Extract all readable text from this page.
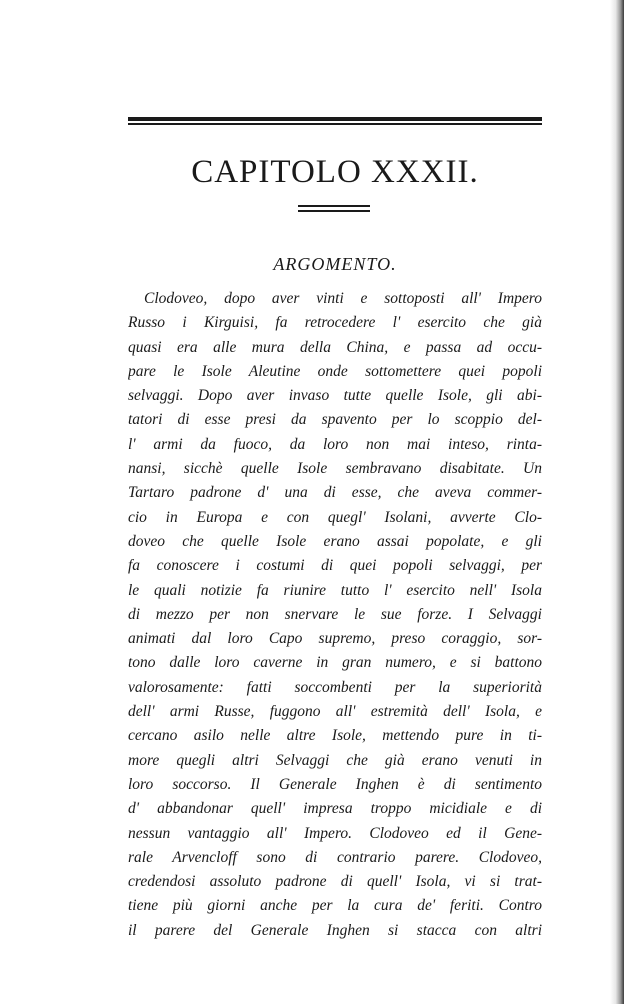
CAPITOLO XXXII.
ARGOMENTO.
Clodoveo, dopo aver vinti e sottoposti all' Impero
Russo i Kirguisi, fa retrocedere l' esercito che già
quasi era alle mura della China, e passa ad occu-
pare le Isole Aleutine onde sottomettere quei popoli
selvaggi. Dopo aver invaso tutte quelle Isole, gli abi-
tatori di esse presi da spavento per lo scoppio del-
l' armi da fuoco, da loro non mai inteso, rinta-
nansi, sicchè quelle Isole sembravano disabitate. Un
Tartaro padrone d' una di esse, che aveva commer-
cio in Europa e con quegl' Isolani, avverte Clo-
doveo che quelle Isole erano assai popolate, e gli
fa conoscere i costumi di quei popoli selvaggi, per
le quali notizie fa riunire tutto l' esercito nell' Isola
di mezzo per non snervare le sue forze. I Selvaggi
animati dal loro Capo supremo, preso coraggio, sor-
tono dalle loro caverne in gran numero, e si battono
valorosamente: fatti soccombenti per la superiorità
dell' armi Russe, fuggono all' estremità dell' Isola, e
cercano asilo nelle altre Isole, mettendo pure in ti-
more quegli altri Selvaggi che già erano venuti in
loro soccorso. Il Generale Inghen è di sentimento
d' abbandonar quell' impresa troppo micidiale e di
nessun vantaggio all' Impero. Clodoveo ed il Gene-
rale Arvencloff sono di contrario parere. Clodoveo,
credendosi assoluto padrone di quell' Isola, vi si trat-
tiene più giorni anche per la cura de' feriti. Contro
il parere del Generale Inghen si stacca con altri
